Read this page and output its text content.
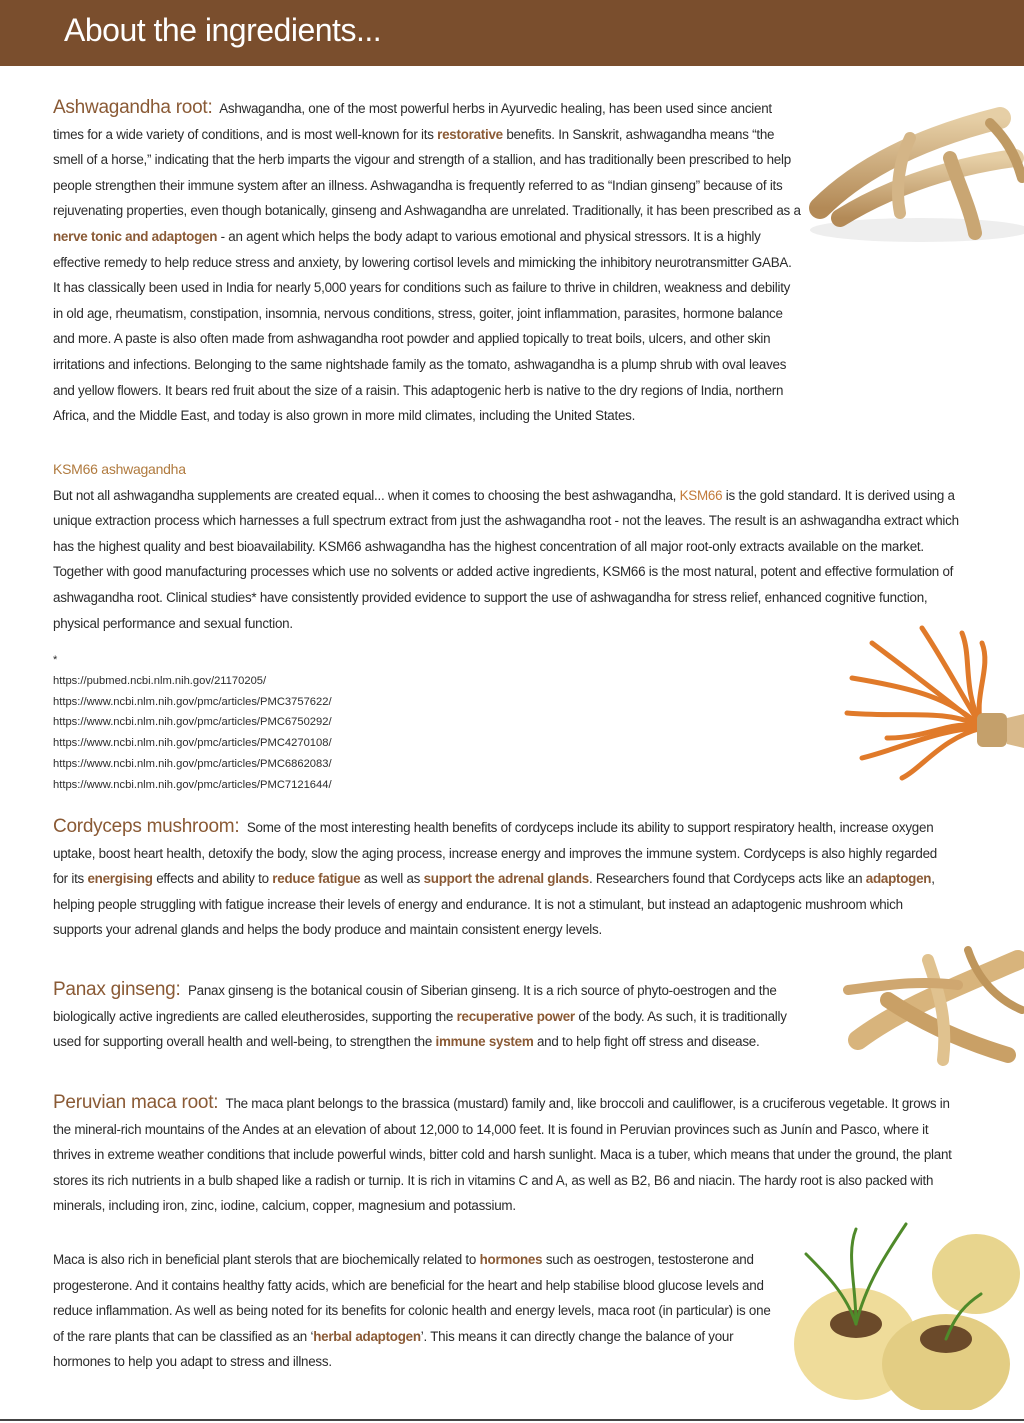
About the ingredients...

Ashwagandha root: Ashwagandha, one of the most powerful herbs in Ayurvedic healing, has been used since ancient times for a wide variety of conditions, and is most well-known for its restorative benefits. In Sanskrit, ashwagandha means “the smell of a horse,” indicating that the herb imparts the vigour and strength of a stallion, and has traditionally been prescribed to help people strengthen their immune system after an illness. Ashwagandha is frequently referred to as “Indian ginseng” because of its rejuvenating properties, even though botanically, ginseng and Ashwagandha are unrelated. Traditionally, it has been prescribed as a nerve tonic and adaptogen - an agent which helps the body adapt to various emotional and physical stressors. It is a highly effective remedy to help reduce stress and anxiety, by lowering cortisol levels and mimicking the inhibitory neurotransmitter GABA. It has classically been used in India for nearly 5,000 years for conditions such as failure to thrive in children, weakness and debility in old age, rheumatism, constipation, insomnia, nervous conditions, stress, goiter, joint inflammation, parasites, hormone balance and more. A paste is also often made from ashwagandha root powder and applied topically to treat boils, ulcers, and other skin irritations and infections. Belonging to the same nightshade family as the tomato, ashwagandha is a plump shrub with oval leaves and yellow flowers. It bears red fruit about the size of a raisin. This adaptogenic herb is native to the dry regions of India, northern Africa, and the Middle East, and today is also grown in more mild climates, including the United States.

KSM66 ashwagandha

But not all ashwagandha supplements are created equal... when it comes to choosing the best ashwagandha, KSM66 is the gold standard. It is derived using a unique extraction process which harnesses a full spectrum extract from just the ashwagandha root - not the leaves. The result is an ashwagandha extract which has the highest quality and best bioavailability. KSM66 ashwagandha has the highest concentration of all major root-only extracts available on the market. Together with good manufacturing processes which use no solvents or added active ingredients, KSM66 is the most natural, potent and effective formulation of ashwagandha root. Clinical studies* have consistently provided evidence to support the use of ashwagandha for stress relief, enhanced cognitive function, physical performance and sexual function.

*
https://pubmed.ncbi.nlm.nih.gov/21170205/
https://www.ncbi.nlm.nih.gov/pmc/articles/PMC3757622/
https://www.ncbi.nlm.nih.gov/pmc/articles/PMC6750292/
https://www.ncbi.nlm.nih.gov/pmc/articles/PMC4270108/
https://www.ncbi.nlm.nih.gov/pmc/articles/PMC6862083/
https://www.ncbi.nlm.nih.gov/pmc/articles/PMC7121644/

Cordyceps mushroom: Some of the most interesting health benefits of cordyceps include its ability to support respiratory health, increase oxygen uptake, boost heart health, detoxify the body, slow the aging process, increase energy and improves the immune system. Cordyceps is also highly regarded for its energising effects and ability to reduce fatigue as well as support the adrenal glands. Researchers found that Cordyceps acts like an adaptogen, helping people struggling with fatigue increase their levels of energy and endurance. It is not a stimulant, but instead an adaptogenic mushroom which supports your adrenal glands and helps the body produce and maintain consistent energy levels.

Panax ginseng: Panax ginseng is the botanical cousin of Siberian ginseng. It is a rich source of phyto-oestrogen and the biologically active ingredients are called eleutherosides, supporting the recuperative power of the body. As such, it is traditionally used for supporting overall health and well-being, to strengthen the immune system and to help fight off stress and disease.

Peruvian maca root: The maca plant belongs to the brassica (mustard) family and, like broccoli and cauliflower, is a cruciferous vegetable. It grows in the mineral-rich mountains of the Andes at an elevation of about 12,000 to 14,000 feet. It is found in Peruvian provinces such as Junín and Pasco, where it thrives in extreme weather conditions that include powerful winds, bitter cold and harsh sunlight. Maca is a tuber, which means that under the ground, the plant stores its rich nutrients in a bulb shaped like a radish or turnip. It is rich in vitamins C and A, as well as B2, B6 and niacin. The hardy root is also packed with minerals, including iron, zinc, iodine, calcium, copper, magnesium and potassium.

Maca is also rich in beneficial plant sterols that are biochemically related to hormones such as oestrogen, testosterone and progesterone. And it contains healthy fatty acids, which are beneficial for the heart and help stabilise blood glucose levels and reduce inflammation. As well as being noted for its benefits for colonic health and energy levels, maca root (in particular) is one of the rare plants that can be classified as an ‘herbal adaptogen’. This means it can directly change the balance of your hormones to help you adapt to stress and illness.
